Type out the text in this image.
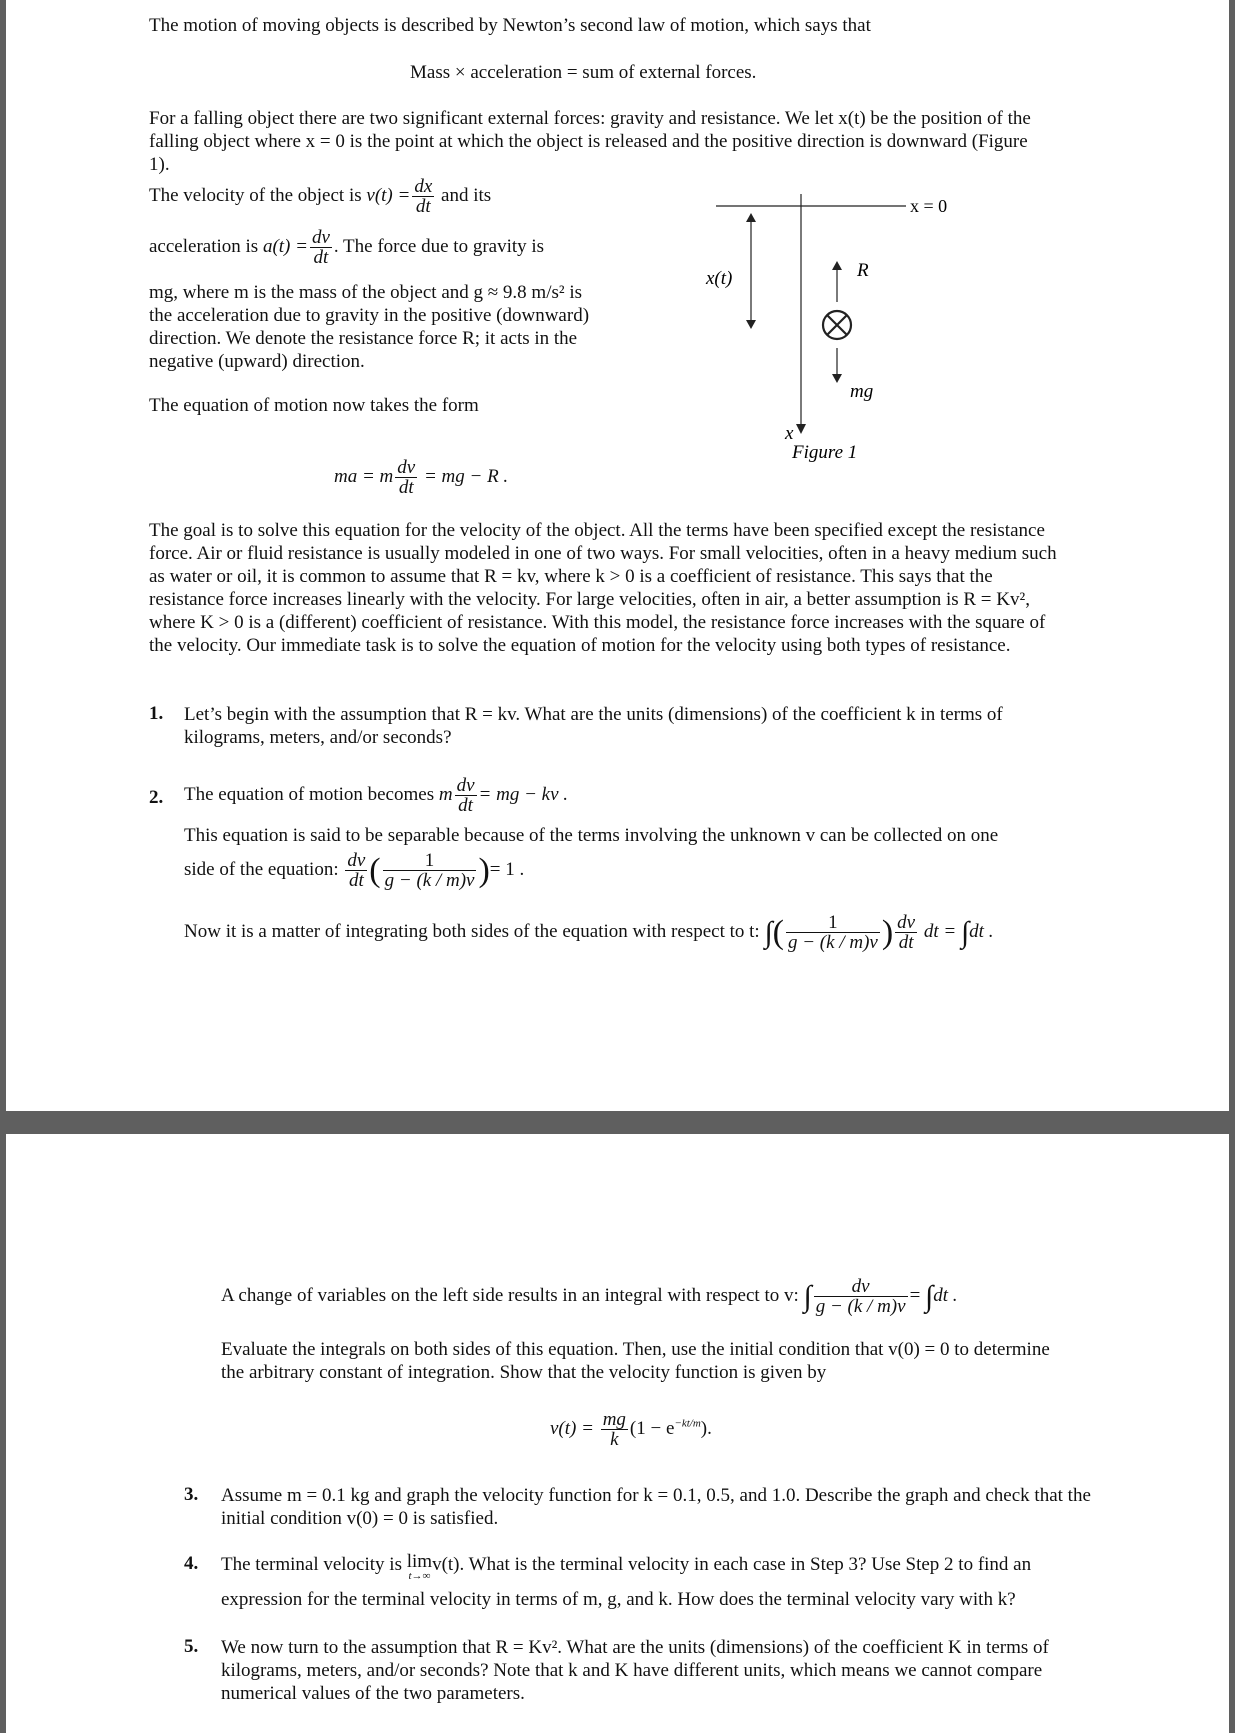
The motion of moving objects is described by Newton’s second law of motion, which says that
Mass × acceleration = sum of external forces.
For a falling object there are two significant external forces: gravity and resistance. We let x(t) be the position of the falling object where x = 0 is the point at which the object is released and the positive direction is downward (Figure 1).
The velocity of the object is $v(t) = \frac{dx}{dt}$ and its
acceleration is $a(t) = \frac{dv}{dt}$ . The force due to gravity is
mg, where m is the mass of the object and g ≈ 9.8 m/s² is the acceleration due to gravity in the positive (downward) direction. We denote the resistance force R; it acts in the negative (upward) direction.
The equation of motion now takes the form
ma = m $\frac{dv}{dt}$ = mg − R .
x = 0
x(t)	R
mg
x
Figure 1
The goal is to solve this equation for the velocity of the object. All the terms have been specified except the resistance force. Air or fluid resistance is usually modeled in one of two ways. For small velocities, often in a heavy medium such as water or oil, it is common to assume that R = kv, where k > 0 is a coefficient of resistance. This says that the resistance force increases linearly with the velocity. For large velocities, often in air, a better assumption is R = Kv², where K > 0 is a (different) coefficient of resistance. With this model, the resistance force increases with the square of the velocity. Our immediate task is to solve the equation of motion for the velocity using both types of resistance.
1. Let’s begin with the assumption that R = kv. What are the units (dimensions) of the coefficient k in terms of kilograms, meters, and/or seconds?
2. The equation of motion becomes m $\frac{dv}{dt}$ = mg − kv .
This equation is said to be separable because of the terms involving the unknown v can be collected on one
side of the equation: $\frac{dv}{dt}$ ( $\frac{1}{g - (k / m)v}$ )= 1 .
Now it is a matter of integrating both sides of the equation with respect to t: ∫( $\frac{1}{g - (k / m)v}$ ) $\frac{dv}{dt}$ dt = ∫dt .
A change of variables on the left side results in an integral with respect to v: ∫ $\frac{dv}{g - (k / m)v} = \int dt$ .
Evaluate the integrals on both sides of this equation. Then, use the initial condition that v(0) = 0 to determine the arbitrary constant of integration. Show that the velocity function is given by
$v(t) = \frac{mg}{k} (1 - e^{-kt/m})$.
3. Assume m = 0.1 kg and graph the velocity function for k = 0.1, 0.5, and 1.0. Describe the graph and check that the initial condition v(0) = 0 is satisfied.
4. The terminal velocity is lim
t→∞
v(t). What is the terminal velocity in each case in Step 3? Use Step 2 to find an
expression for the terminal velocity in terms of m, g, and k. How does the terminal velocity vary with k?
5. We now turn to the assumption that R = Kv². What are the units (dimensions) of the coefficient K in terms of kilograms, meters, and/or seconds? Note that k and K have different units, which means we cannot compare numerical values of the two parameters.
